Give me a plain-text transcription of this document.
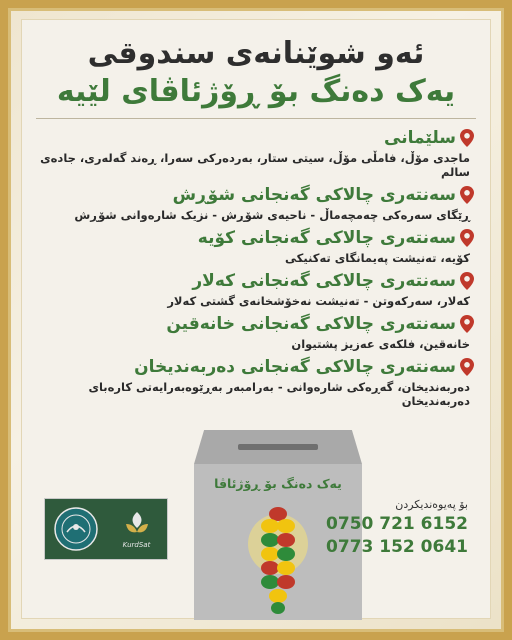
ئەو شوێنانەی سندوقی
یەک دەنگ بۆ ڕۆژئاڤای لێیە
سلێمانی
ماجدی مۆڵ، فامڵی مۆڵ، سیتی ستار، بەردەرکی سەرا، ڕەند گەلەری، جادەی سالم
سەنتەری چالاکی گەنجانی شۆڕش
ڕێگای سەرەکی چەمچەماڵ - ناحیەی شۆڕش - نزیک شارەوانی شۆڕش
سەنتەری چالاکی گەنجانی کۆیە
کۆیە، تەنیشت پەیمانگای تەکنیکی
سەنتەری چالاکی گەنجانی کەلار
کەلار، سەرکەوتن - تەنیشت نەخۆشخانەی گشتی کەلار
سەنتەری چالاکی گەنجانی خانەقین
خانەقین، فلکەی عەزیز پشتیوان
سەنتەری چالاکی گەنجانی دەربەندیخان
دەربەندیخان، گەڕەکی شارەوانی - بەرامبەر بەڕێوەبەرایەتی کارەبای دەربەندیخان
یەک دەنگ بۆ ڕۆژئاڤا
بۆ پەیوەندیکردن
0750 721 6152
0773 152 0641
KurdSat
